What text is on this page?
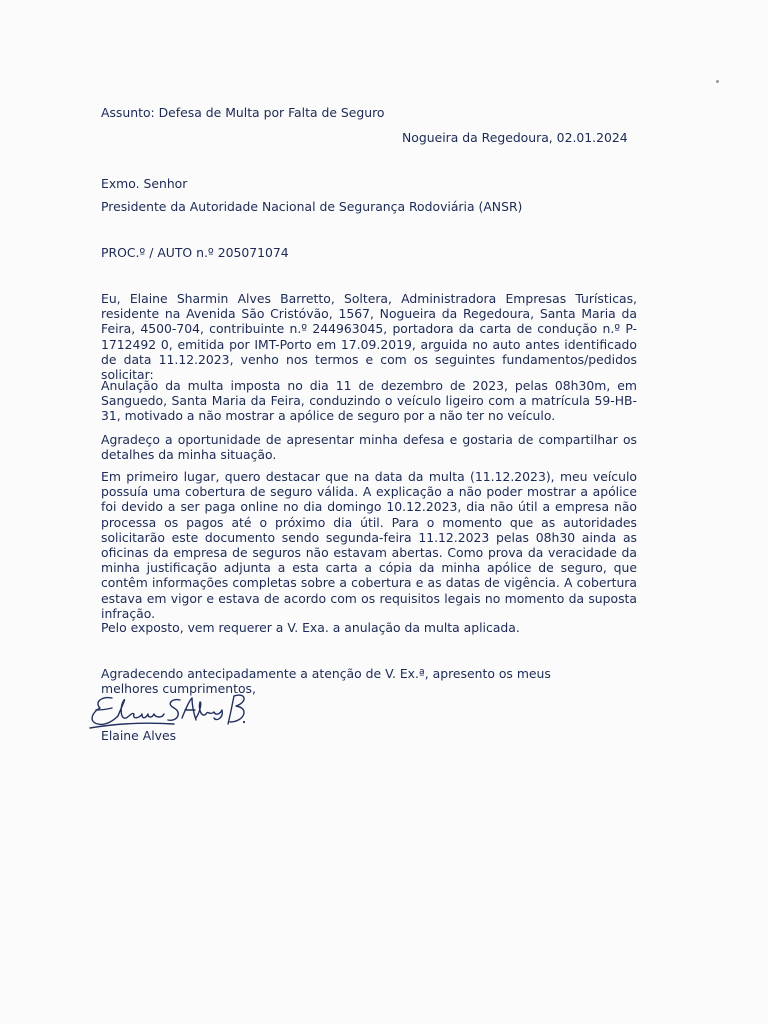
Assunto: Defesa de Multa por Falta de Seguro
Nogueira da Regedoura, 02.01.2024
Exmo. Senhor
Presidente da Autoridade Nacional de Segurança Rodoviária (ANSR)
PROC.º / AUTO n.º 205071074
Eu, Elaine Sharmin Alves Barretto, Soltera, Administradora Empresas Turísticas, residente na Avenida São Cristóvão, 1567, Nogueira da Regedoura, Santa Maria da Feira, 4500-704, contribuinte n.º 244963045, portadora da carta de condução n.º P-1712492 0, emitida por IMT-Porto em 17.09.2019, arguida no auto antes identificado de data 11.12.2023, venho nos termos e com os seguintes fundamentos/pedidos solicitar:
Anulação da multa imposta no dia 11 de dezembro de 2023, pelas 08h30m, em Sanguedo, Santa Maria da Feira, conduzindo o veículo ligeiro com a matrícula 59-HB-31, motivado a não mostrar a apólice de seguro por a não ter no veículo.
Agradeço a oportunidade de apresentar minha defesa e gostaria de compartilhar os detalhes da minha situação.
Em primeiro lugar, quero destacar que na data da multa (11.12.2023), meu veículo possuía uma cobertura de seguro válida. A explicação a não poder mostrar a apólice foi devido a ser paga online no dia domingo 10.12.2023, dia não útil a empresa não processa os pagos até o próximo dia útil. Para o momento que as autoridades solicitarão este documento sendo segunda-feira 11.12.2023 pelas 08h30 ainda as oficinas da empresa de seguros não estavam abertas. Como prova da veracidade da minha justificação adjunta a esta carta a cópia da minha apólice de seguro, que contêm informações completas sobre a cobertura e as datas de vigência. A cobertura estava em vigor e estava de acordo com os requisitos legais no momento da suposta infração.
Pelo exposto, vem requerer a V. Exa. a anulação da multa aplicada.
Agradecendo antecipadamente a atenção de V. Ex.ª, apresento os meus melhores cumprimentos,
Elaine Alves
